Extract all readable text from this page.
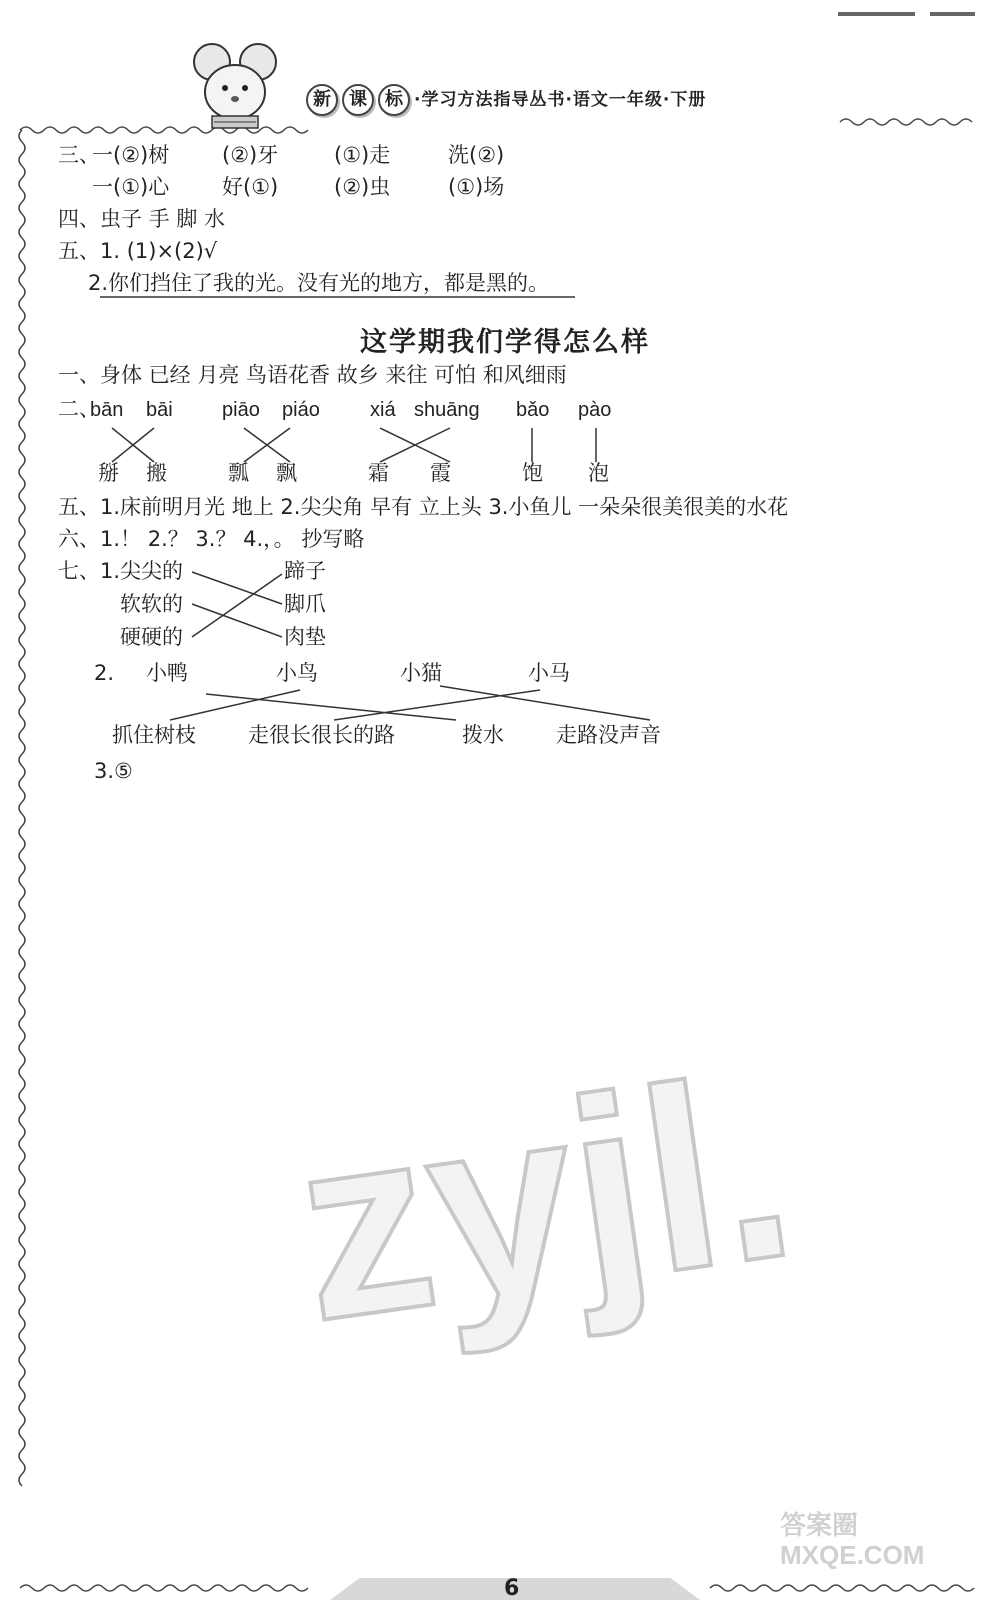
新 课 标 ·学习方法指导丛书·语文一年级·下册
三、
一(②)树	(②)牙	(①)走	洗(②)
一(①)心	好(①)	(②)虫	(①)场
四、虫子 手 脚 水
五、1. (1)×(2)√
2.你们挡住了我的光。没有光的地方，都是黑的。
这学期我们学得怎么样
一、身体 已经 月亮 鸟语花香 故乡 来往 可怕 和风细雨
二、
bān bāi piāo piáo	xiá shuāng bǎo pào
掰 搬	瓢 飘	霜 霞	饱 泡
五、1.床前明月光 地上 2.尖尖角 早有 立上头 3.小鱼儿 一朵朵很美很美的水花
六、1.！ 2.？ 3.？ 4.，。 抄写略
七、1. 尖尖的
软软的
硬硬的
蹄子
脚爪
肉垫
2. 小鸭	小鸟	小猫	小马
抓住树枝 走很长很长的路	拨水 走路没声音
3.⑤
zyjl.
答案圈 MXQE.COM
6
